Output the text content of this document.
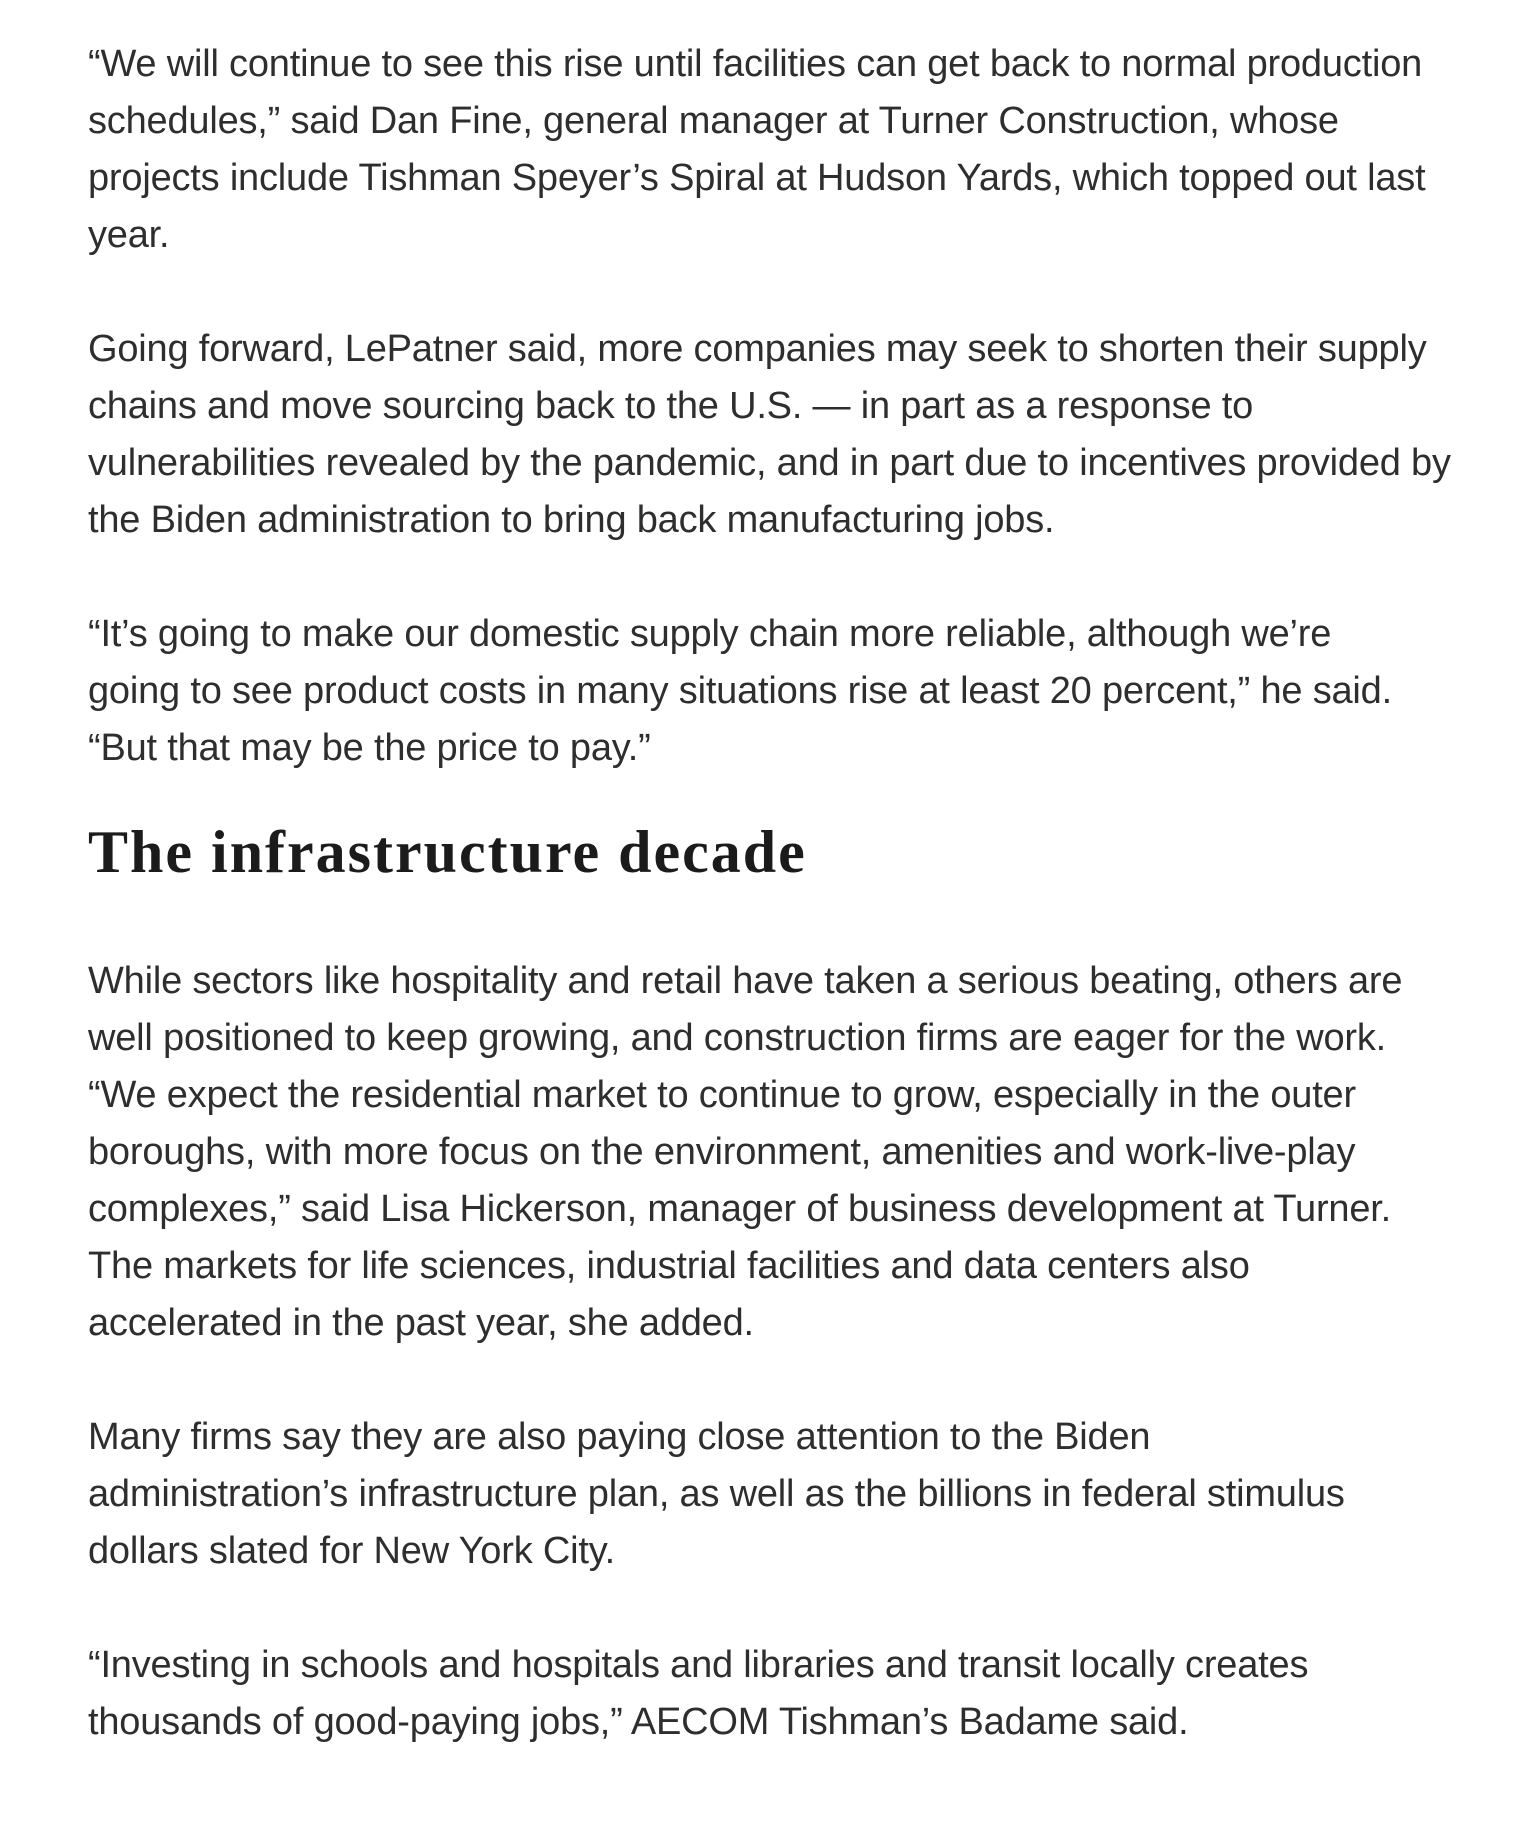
“We will continue to see this rise until facilities can get back to normal production
schedules,” said Dan Fine, general manager at Turner Construction, whose
projects include Tishman Speyer’s Spiral at Hudson Yards, which topped out last
year.
Going forward, LePatner said, more companies may seek to shorten their supply
chains and move sourcing back to the U.S. — in part as a response to
vulnerabilities revealed by the pandemic, and in part due to incentives provided by
the Biden administration to bring back manufacturing jobs.
“It’s going to make our domestic supply chain more reliable, although we’re
going to see product costs in many situations rise at least 20 percent,” he said.
“But that may be the price to pay.”
The infrastructure decade
While sectors like hospitality and retail have taken a serious beating, others are
well positioned to keep growing, and construction firms are eager for the work.
“We expect the residential market to continue to grow, especially in the outer
boroughs, with more focus on the environment, amenities and work-live-play
complexes,” said Lisa Hickerson, manager of business development at Turner.
The markets for life sciences, industrial facilities and data centers also
accelerated in the past year, she added.
Many firms say they are also paying close attention to the Biden
administration’s infrastructure plan, as well as the billions in federal stimulus
dollars slated for New York City.
“Investing in schools and hospitals and libraries and transit locally creates
thousands of good-paying jobs,” AECOM Tishman’s Badame said.
